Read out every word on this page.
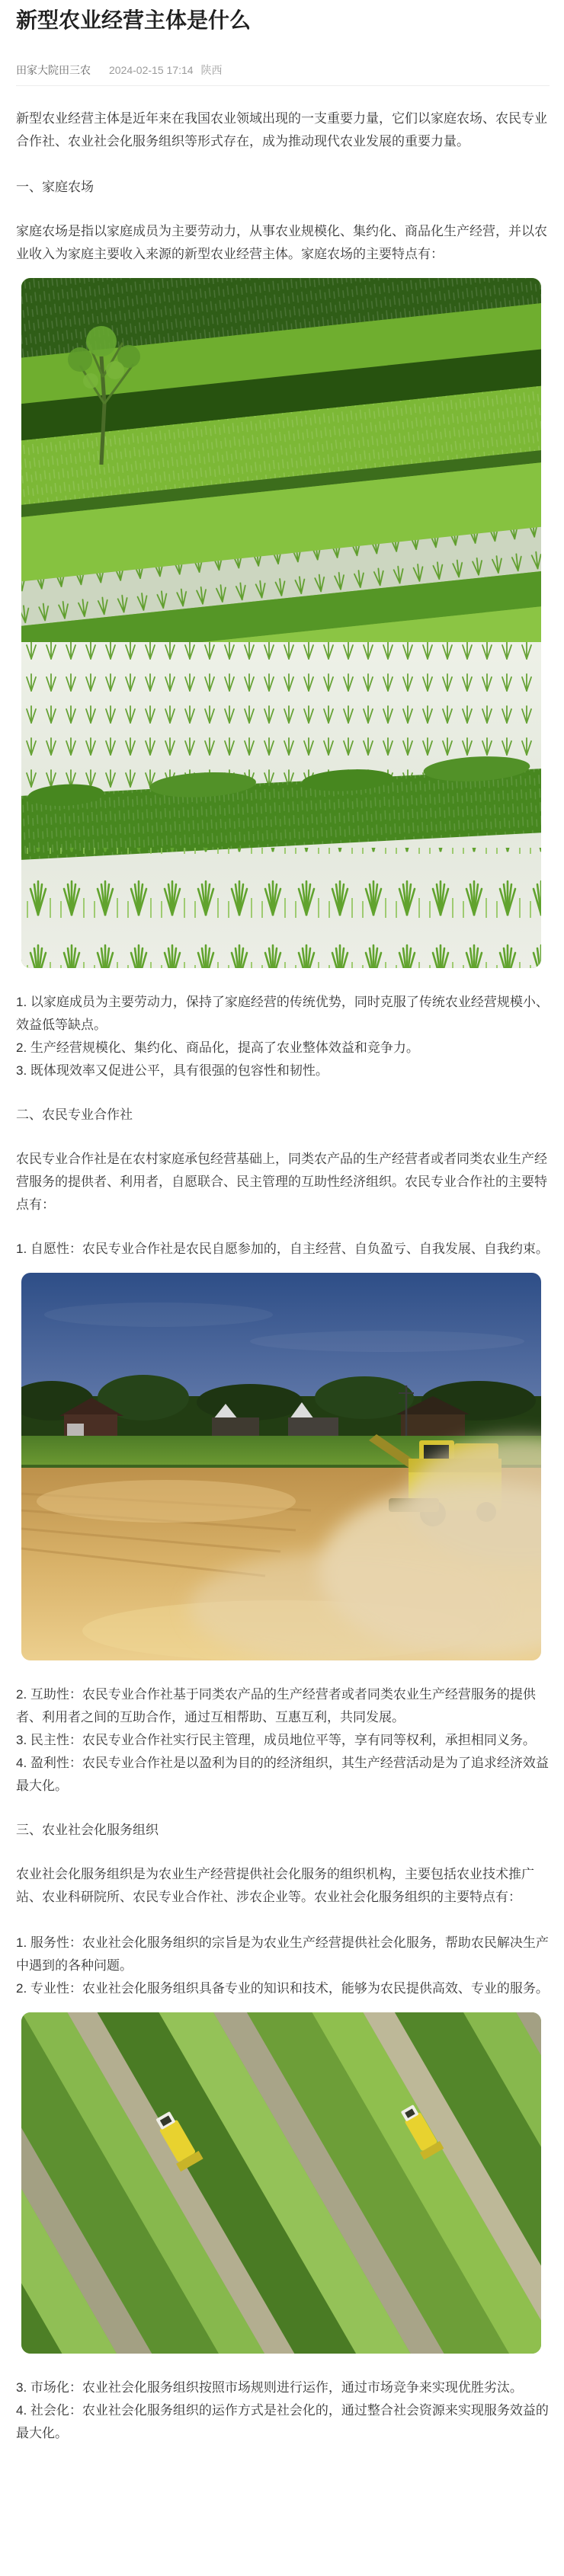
新型农业经营主体是什么
田家大院田三农 2024-02-15 17:14 陕西

新型农业经营主体是近年来在我国农业领域出现的一支重要力量，它们以家庭农场、农民专业合作社、农业社会化服务组织等形式存在，成为推动现代农业发展的重要力量。

一、家庭农场

家庭农场是指以家庭成员为主要劳动力，从事农业规模化、集约化、商品化生产经营，并以农业收入为家庭主要收入来源的新型农业经营主体。家庭农场的主要特点有：

1. 以家庭成员为主要劳动力，保持了家庭经营的传统优势，同时克服了传统农业经营规模小、效益低等缺点。

2. 生产经营规模化、集约化、商品化，提高了农业整体效益和竞争力。

3. 既体现效率又促进公平，具有很强的包容性和韧性。

二、农民专业合作社

农民专业合作社是在农村家庭承包经营基础上，同类农产品的生产经营者或者同类农业生产经营服务的提供者、利用者，自愿联合、民主管理的互助性经济组织。农民专业合作社的主要特点有：

1. 自愿性：农民专业合作社是农民自愿参加的，自主经营、自负盈亏、自我发展、自我约束。

2. 互助性：农民专业合作社基于同类农产品的生产经营者或者同类农业生产经营服务的提供者、利用者之间的互助合作，通过互相帮助、互惠互利，共同发展。

3. 民主性：农民专业合作社实行民主管理，成员地位平等，享有同等权利，承担相同义务。

4. 盈利性：农民专业合作社是以盈利为目的的经济组织，其生产经营活动是为了追求经济效益最大化。

三、农业社会化服务组织

农业社会化服务组织是为农业生产经营提供社会化服务的组织机构，主要包括农业技术推广站、农业科研院所、农民专业合作社、涉农企业等。农业社会化服务组织的主要特点有：

1. 服务性：农业社会化服务组织的宗旨是为农业生产经营提供社会化服务，帮助农民解决生产中遇到的各种问题。

2. 专业性：农业社会化服务组织具备专业的知识和技术，能够为农民提供高效、专业的服务。

3. 市场化：农业社会化服务组织按照市场规则进行运作，通过市场竞争来实现优胜劣汰。

4. 社会化：农业社会化服务组织的运作方式是社会化的，通过整合社会资源来实现服务效益的最大化。
